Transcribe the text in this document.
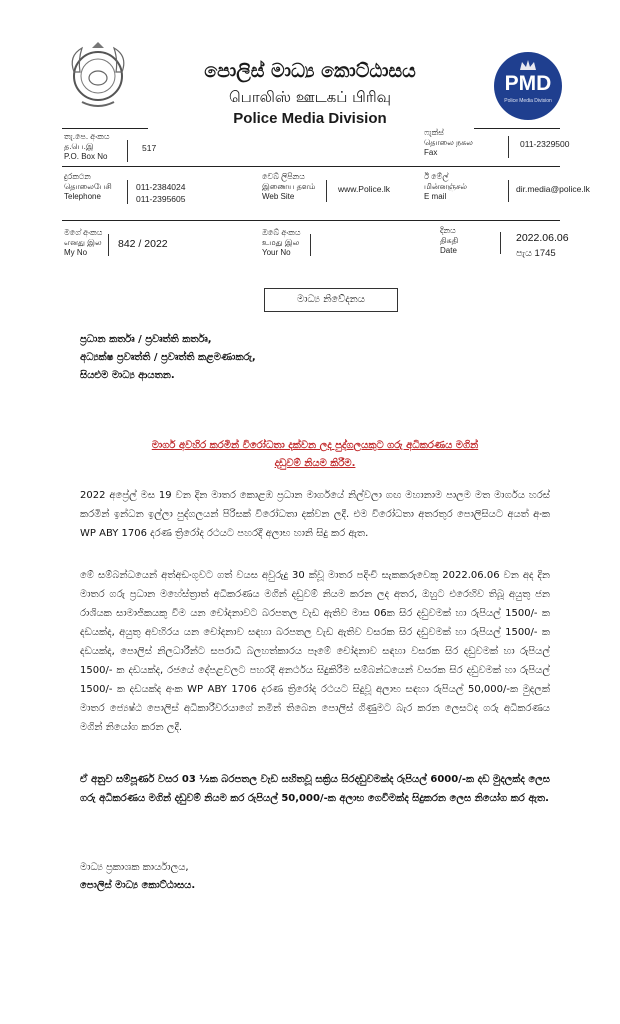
පොලිස් මාධ්‍ය කොට්ඨාසය
பொலிஸ் ஊடகப் பிரிவு
Police Media Division
PMD
Police Media Division
තැ.පෙ. අංකය
த.பெ.இ
P.O. Box No
517
ෆැක්ස්
தொலை நகல
Fax
011-2329500
දුරකථන
தொலைபேசி
Telephone
011-2384024
011-2395605
වෙබ් ලිපිනය
இணைய தளம்
Web Site
www.Police.lk
ඊ මේල්
மின்னஞ்சல்
E mail
dir.media@police.lk
මගේ අංකය
எனது இல
My No
842 / 2022
ඔබේ අංකය
உமது இல
Your No
දිනය
திகதி
Date
2022.06.06
පැය 1745
මාධ්‍ය නිවේදනය
ප්‍රධාන කර්තෘ / ප්‍රවෘත්ති කර්තෘ,
අධ්‍යක්ෂ ප්‍රවෘත්ති / ප්‍රවෘත්ති කළමණාකරු,
සියළුම මාධ්‍ය ආයතන.
මාර්ග අවහිර කරමින් විරෝධතා දක්වන ලද පුද්ගලයකුට ගරු අධිකරණය මගින්
දඩුවම් නියම කිරීම.
2022 අප්‍රේල් මස 19 වන දින මාතර කොළඹ ප්‍රධාන මාර්ගයේ නිල්වලා ගඟ මහානාම පාලම මත මාර්ගය හරස් කරමින් ඉන්ධන ඉල්ලා පුද්ගලයන් පිරිසක් විරෝධතා දක්වන ලදී. එම විරෝධතා අතරතුර පොලිසියට අයත් අංක WP ABY 1706 දරණ ත්‍රිරෝද රථයට පහරදී අලාභ හානි සිදු කර ඇත.
මේ සම්බන්ධයෙන් අත්අඩංගුවට ගත් වයස අවුරුදු 30 ක්වූ මාතර පදිංචි සැකකරුවෙකු 2022.06.06 වන අද දින මාතර ගරු ප්‍රධාන මහේස්ත්‍රාත් අධිකරණය මගින් දඩුවම් නියම කරන ලද අතර, ඔහුට එරෙහිව තිබූ අයුතු ජන රාශියක සාමාජිකයකු වීම යන චෝදනාවට බරපතල වැඩ ඇතිව මාස 06ක සිර දඩුවමක් හා රුපියල් 1500/- ක දඩයක්ද, අයුතු අවහිරය යන චෝදනාව සඳහා බරපතල වැඩ ඇතිව වසරක සිර දඩුවමක් හා රුපියල් 1500/- ක දඩයක්ද, පොලිස් නිලධාරීන්ට සපරාධී බලහත්කාරය පෑමේ චෝදනාව සඳහා වසරක සිර දඩුවමක් හා රුපියල් 1500/- ක දඩයක්ද, රජයේ දේපළවලට පහරදී අනර්ථය සිදුකිරීම සම්බන්ධයෙන් වසරක සිර දඩුවමක් හා රුපියල් 1500/- ක දඩයක්ද අංක WP ABY 1706 දරණ ත්‍රිරෝද රථයට සිදුවූ අලාභ සඳහා රුපියල් 50,000/-ක මුදලක් මාතර ජ්‍යෙෂ්ඨ පොලිස් අධිකාරීවරයාගේ නමින් තිබෙන පොලිස් ගිණුමට බැර කරන ලෙසටද ගරු අධිකරණය මගින් නියෝග කරන ලදී.
ඒ අනුව සම්පූර්ණ වසර 03 ½ක බරපතල වැඩ සහිතවූ සක්‍රිය සිරදඩුවමක්ද රුපියල් 6000/-ක දඩ මුදලක්ද ලෙස ගරු අධිකරණය මගින් දඩුවම් නියම කර රුපියල් 50,000/-ක අලාභ ගෙවීමක්ද සිදුකරන ලෙස නියෝග කර ඇත.
මාධ්‍ය ප්‍රකාශක කාර්යාලය,
පොලිස් මාධ්‍ය කොට්ඨාසය.
